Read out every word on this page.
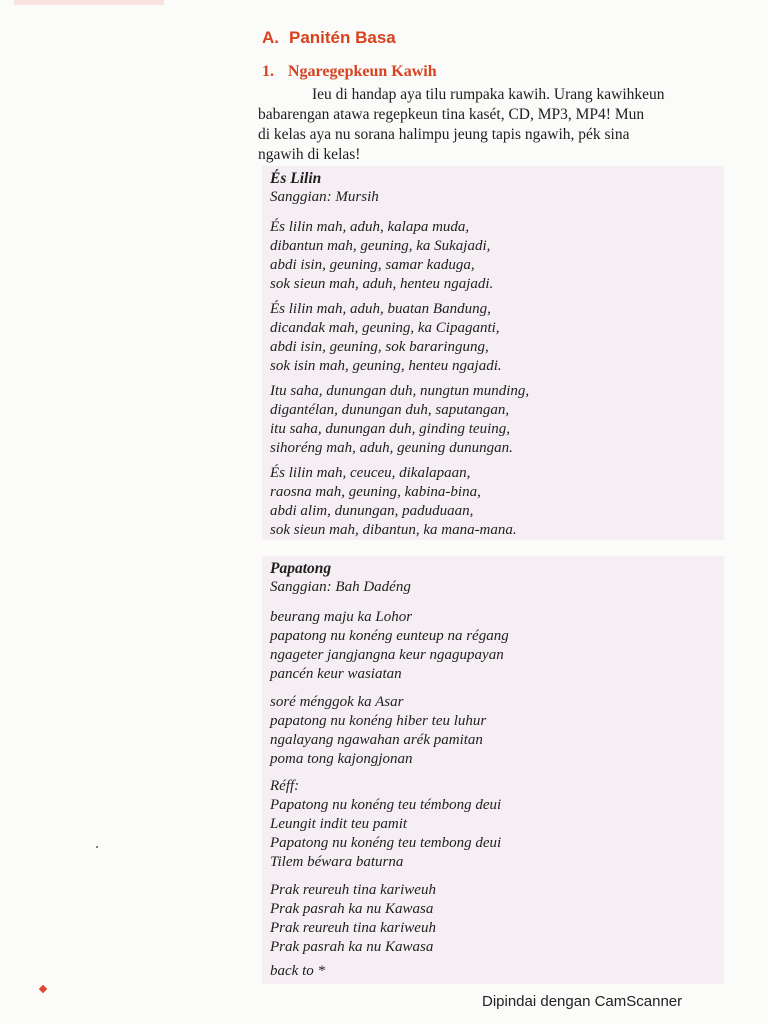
A. Panitén Basa
1. Ngaregepkeun Kawih
Ieu di handap aya tilu rumpaka kawih. Urang kawihkeun
babarengan atawa regepkeun tina kasét, CD, MP3, MP4! Mun
di kelas aya nu sorana halimpu jeung tapis ngawih, pék sina
ngawih di kelas!
És Lilin
Sanggian: Mursih
És lilin mah, aduh, kalapa muda,
dibantun mah, geuning, ka Sukajadi,
abdi isin, geuning, samar kaduga,
sok sieun mah, aduh, henteu ngajadi.
És lilin mah, aduh, buatan Bandung,
dicandak mah, geuning, ka Cipaganti,
abdi isin, geuning, sok bararingung,
sok isin mah, geuning, henteu ngajadi.
Itu saha, dunungan duh, nungtun munding,
digantélan, dunungan duh, saputangan,
itu saha, dunungan duh, ginding teuing,
sihoréng mah, aduh, geuning dunungan.
És lilin mah, ceuceu, dikalapaan,
raosna mah, geuning, kabina-bina,
abdi alim, dunungan, paduduaan,
sok sieun mah, dibantun, ka mana-mana.
Papatong
Sanggian: Bah Dadéng
beurang maju ka Lohor
papatong nu konéng eunteup na régang
ngageter jangjangna keur ngagupayan
pancén keur wasiatan
soré ménggok ka Asar
papatong nu konéng hiber teu luhur
ngalayang ngawahan arék pamitan
poma tong kajongjonan
Réff:
Papatong nu konéng teu témbong deui
Leungit indit teu pamit
Papatong nu konéng teu tembong deui
Tilem béwara baturna
Prak reureuh tina kariweuh
Prak pasrah ka nu Kawasa
Prak reureuh tina kariweuh
Prak pasrah ka nu Kawasa
back to *
Dipindai dengan CamScanner
